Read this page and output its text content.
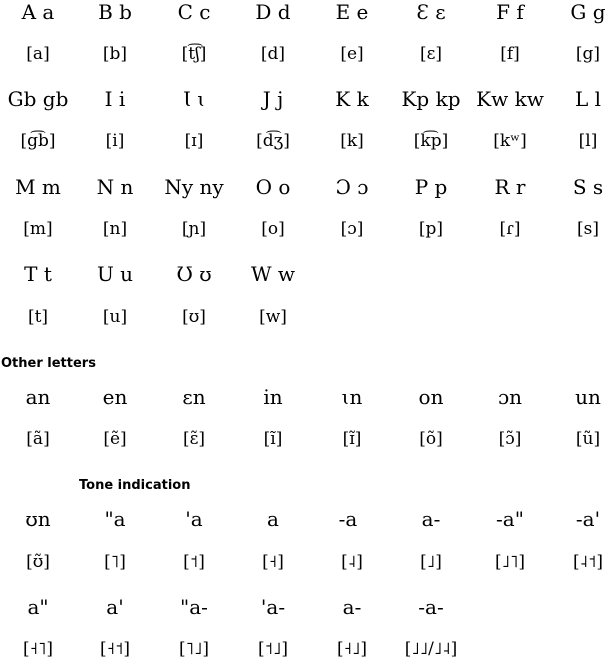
A a
[a]
B b
[b]
C c
[t͡ʃ]
D d
[d]
E e
[e]
Ɛ ɛ
[ɛ]
F f
[f]
G g
[g]
Gb gb
[g͡b]
I i
[i]
Ɩ ɩ
[ɪ]
J j
[d͡ʒ]
K k
[k]
Kp kp
[k͡p]
Kw kw
[kʷ]
L l
[l]
M m
[m]
N n
[n]
Ny ny
[ɲ]
O o
[o]
Ɔ ɔ
[ɔ]
P p
[p]
R r
[ɾ]
S s
[s]
T t
[t]
U u
[u]
Ʊ ʊ
[ʊ]
W w
[w]
Other letters
an
[ã]
en
[ẽ]
ɛn
[ɛ̃]
in
[ĩ]
ɩn
[ɪ̃]
on
[õ]
ɔn
[ɔ̃]
un
[ũ]
ʊn
[ʊ̃]
Tone indication
"a
[˥]
'a
[˦]
a
[˧]
-a
[˨]
a-
[˩]
-a"
[˩˥]
-a'
[˨˦]
a"
[˧˥]
a'
[˧˦]
"a-
[˥˩]
'a-
[˦˩]
a-
[˧˩]
-a-
[˩˩/˩˨]
